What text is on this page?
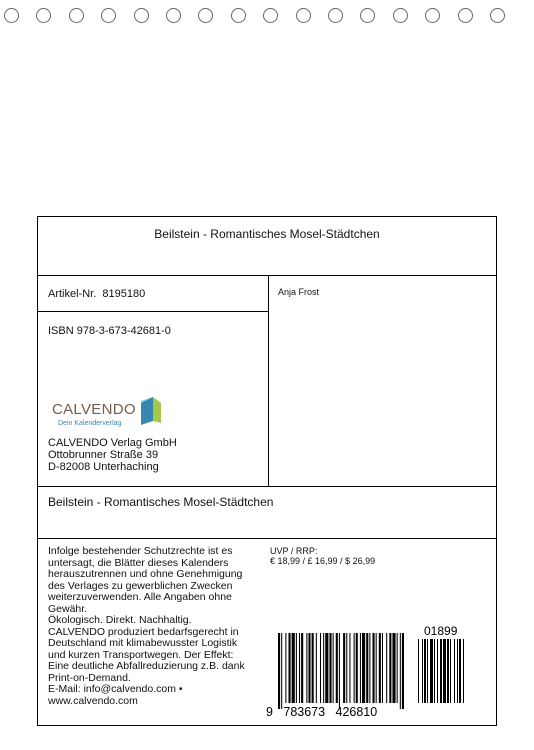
Beilstein - Romantisches Mosel-Städtchen
Artikel-Nr. 8195180	Anja Frost
ISBN 978-3-673-42681-0
CALVENDO
Dein Kalenderverlag
CALVENDO Verlag GmbH
Ottobrunner Straße 39
D-82008 Unterhaching
Beilstein - Romantisches Mosel-Städtchen
Infolge bestehender Schutzrechte ist es untersagt, die Blätter dieses Kalenders herauszutrennen und ohne Genehmigung des Verlages zu gewerblichen Zwecken weiterzuverwenden. Alle Angaben ohne Gewähr.
Ökologisch. Direkt. Nachhaltig. CALVENDO produziert bedarfsgerecht in Deutschland mit klimabewusster Logistik und kurzen Transportwegen. Der Effekt: Eine deutliche Abfallreduzierung z.B. dank Print-on-Demand.
E-Mail: info@calvendo.com • www.calvendo.com
UVP / RRP:
€ 18,99 / £ 16,99 / $ 26,99
01899
9   783673   426810
